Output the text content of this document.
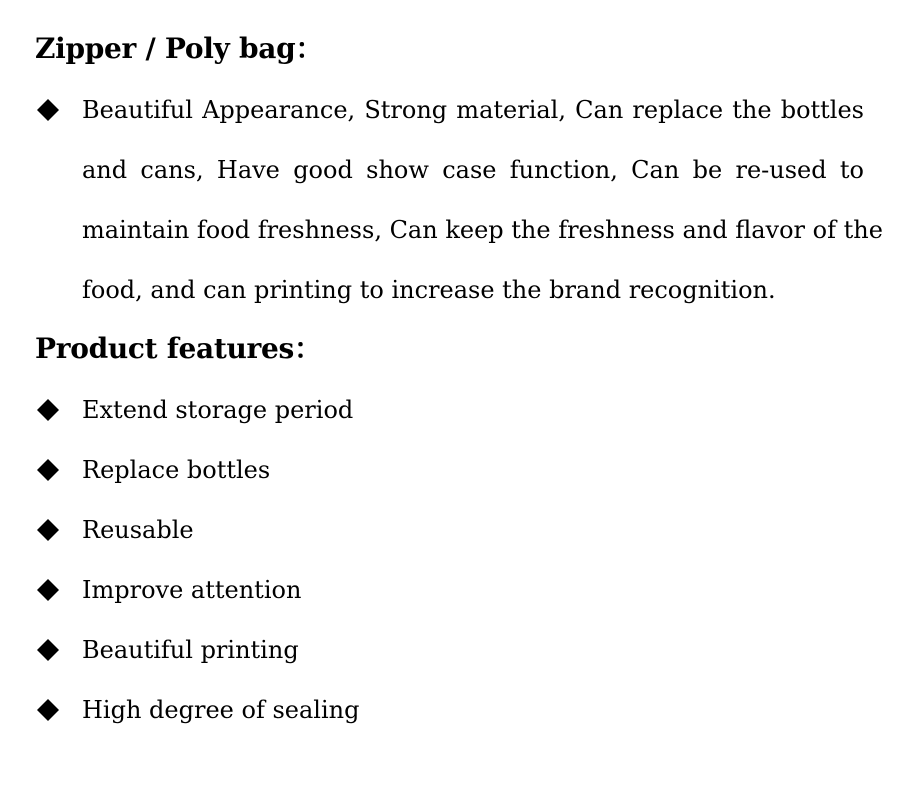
Zipper / Poly bag：
Beautiful Appearance, Strong material, Can replace the bottles
and cans, Have good show case function, Can be re-used to
maintain food freshness, Can keep the freshness and flavor of the
food, and can printing to increase the brand recognition.
Product features：
Extend storage period
Replace bottles
Reusable
Improve attention
Beautiful printing
High degree of sealing
